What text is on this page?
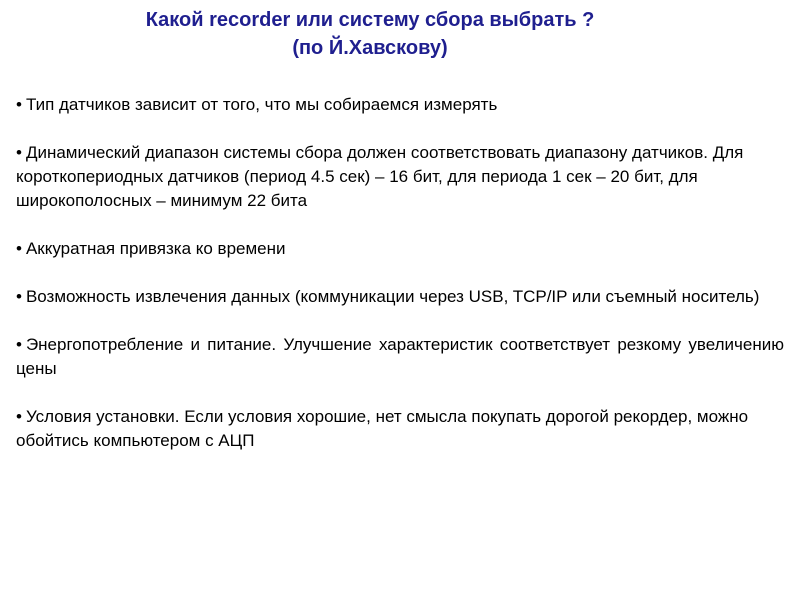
Какой recorder или систему сбора выбрать ?
(по Й.Хавскову)
• Тип датчиков зависит от того, что мы собираемся измерять
• Динамический диапазон системы сбора должен соответствовать диапазону датчиков. Для короткопериодных датчиков (период 4.5 сек) – 16 бит, для периода 1 сек – 20 бит, для широкополосных – минимум 22 бита
• Аккуратная привязка ко времени
• Возможность извлечения данных (коммуникации через USB, TCP/IP или съемный носитель)
• Энергопотребление и питание. Улучшение характеристик соответствует резкому увеличению цены
• Условия установки. Если условия хорошие, нет смысла покупать дорогой рекордер, можно обойтись компьютером с АЦП
